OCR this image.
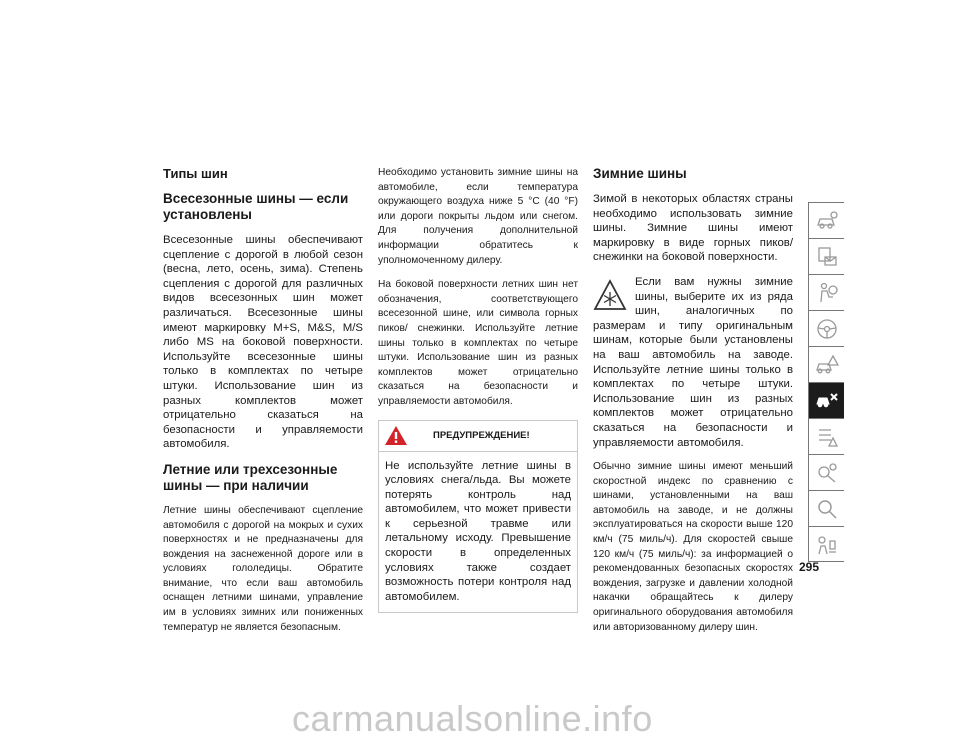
Типы шин
Всесезонные шины — если установлены

Всесезонные шины обеспечивают сцепление с дорогой в любой сезон (весна, лето, осень, зима). Степень сцепления с дорогой для различных видов всесезонных шин может различаться. Всесезонные шины имеют маркировку M+S, M&S, M/S либо MS на боковой поверхности. Используйте всесезонные шины только в комплектах по четыре штуки. Использование шин из разных комплектов может отрицательно сказаться на безопасности и управляемости автомобиля.

Летние или трехсезонные шины — при наличии

Летние шины обеспечивают сцепление автомобиля с дорогой на мокрых и сухих поверхностях и не предназначены для вождения на заснеженной дороге или в условиях гололедицы. Обратите внимание, что если ваш автомобиль оснащен летними шинами, управление им в условиях зимних или пониженных температур не является безопасным.

Необходимо установить зимние шины на автомобиле, если температура окружающего воздуха ниже 5 °C (40 °F) или дороги покрыты льдом или снегом. Для получения дополнительной информации обратитесь к уполномоченному дилеру.

На боковой поверхности летних шин нет обозначения, соответствующего всесезонной шине, или символа горных пиков/ снежинки. Используйте летние шины только в комплектах по четыре штуки. Использование шин из разных комплектов может отрицательно сказаться на безопасности и управляемости автомобиля.

ПРЕДУПРЕЖДЕНИЕ!

Не используйте летние шины в условиях снега/льда. Вы можете потерять контроль над автомобилем, что может привести к серьезной травме или летальному исходу. Превышение скорости в определенных условиях также создает возможность потери контроля над автомобилем.

Зимние шины

Зимой в некоторых областях страны необходимо использовать зимние шины. Зимние шины имеют маркировку в виде горных пиков/снежинки на боковой поверхности.

Если вам нужны зимние шины, выберите их из ряда шин, аналогичных по размерам и типу оригинальным шинам, которые были установлены на ваш автомобиль на заводе. Используйте летние шины только в комплектах по четыре штуки. Использование шин из разных комплектов может отрицательно сказаться на безопасности и управляемости автомобиля.

Обычно зимние шины имеют меньший скоростной индекс по сравнению с шинами, установленными на ваш автомобиль на заводе, и не должны эксплуатироваться на скорости выше 120 км/ч (75 миль/ч). Для скоростей свыше 120 км/ч (75 миль/ч): за информацией о рекомендованных безопасных скоростях вождения, загрузке и давлении холодной накачки обращайтесь к дилеру оригинального оборудования автомобиля или авторизованному дилеру шин.

295
carmanualsonline.info
